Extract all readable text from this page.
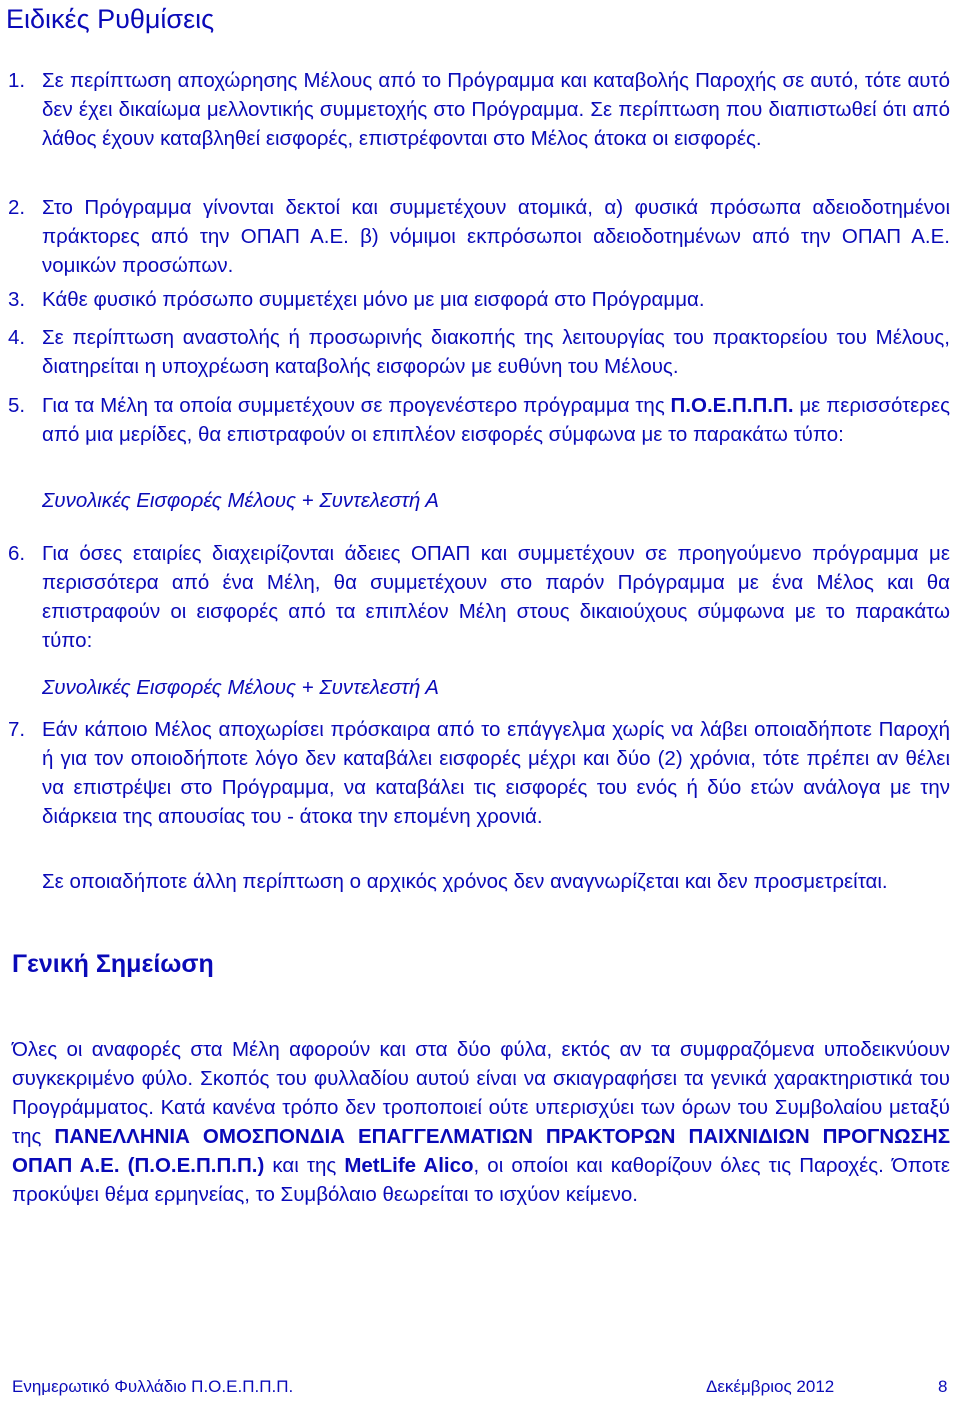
Ειδικές Ρυθμίσεις
1. Σε περίπτωση αποχώρησης Μέλους από το Πρόγραμμα και καταβολής Παροχής σε αυτό, τότε αυτό δεν έχει δικαίωμα μελλοντικής συμμετοχής στο Πρόγραμμα. Σε περίπτωση που διαπιστωθεί ότι από λάθος έχουν καταβληθεί εισφορές, επιστρέφονται στο Μέλος άτοκα οι εισφορές.
2. Στο Πρόγραμμα γίνονται δεκτοί και συμμετέχουν ατομικά, α) φυσικά πρόσωπα αδειοδοτημένοι πράκτορες από την ΟΠΑΠ Α.Ε. β) νόμιμοι εκπρόσωποι αδειοδοτημένων από την ΟΠΑΠ Α.Ε. νομικών προσώπων.
3. Κάθε φυσικό πρόσωπο συμμετέχει μόνο με μια εισφορά στο Πρόγραμμα.
4. Σε περίπτωση αναστολής ή προσωρινής διακοπής της λειτουργίας του πρακτορείου του Μέλους, διατηρείται η υποχρέωση καταβολής εισφορών με ευθύνη του Μέλους.
5. Για τα Μέλη τα οποία συμμετέχουν σε προγενέστερο πρόγραμμα της Π.Ο.Ε.Π.Π.Π. με περισσότερες από μια μερίδες, θα επιστραφούν οι επιπλέον εισφορές σύμφωνα με το παρακάτω τύπο:
Συνολικές Εισφορές Μέλους + Συντελεστή Α
6. Για όσες εταιρίες διαχειρίζονται άδειες ΟΠΑΠ και συμμετέχουν σε προηγούμενο πρόγραμμα με περισσότερα από ένα Μέλη, θα συμμετέχουν στο παρόν Πρόγραμμα με ένα Μέλος και θα επιστραφούν οι εισφορές από τα επιπλέον Μέλη στους δικαιούχους σύμφωνα με το παρακάτω τύπο:
Συνολικές Εισφορές Μέλους + Συντελεστή Α
7. Εάν κάποιο Μέλος αποχωρίσει πρόσκαιρα από το επάγγελμα χωρίς να λάβει οποιαδήποτε Παροχή ή για τον οποιοδήποτε λόγο δεν καταβάλει εισφορές μέχρι και δύο (2) χρόνια, τότε πρέπει αν θέλει να επιστρέψει στο Πρόγραμμα, να καταβάλει τις εισφορές του ενός ή δύο ετών ανάλογα με την διάρκεια της απουσίας του - άτοκα την επομένη χρονιά.
Σε οποιαδήποτε άλλη περίπτωση ο αρχικός χρόνος δεν αναγνωρίζεται και δεν προσμετρείται.
Γενική Σημείωση

Όλες οι αναφορές στα Μέλη αφορούν και στα δύο φύλα, εκτός αν τα συμφραζόμενα υποδεικνύουν συγκεκριμένο φύλο. Σκοπός του φυλλαδίου αυτού είναι να σκιαγραφήσει τα γενικά χαρακτηριστικά του Προγράμματος. Κατά κανένα τρόπο δεν τροποποιεί ούτε υπερισχύει των όρων του Συμβολαίου μεταξύ της ΠΑΝΕΛΛΗΝΙΑ ΟΜΟΣΠΟΝΔΙΑ ΕΠΑΓΓΕΛΜΑΤΙΩΝ ΠΡΑΚΤΟΡΩΝ ΠΑΙΧΝΙΔΙΩΝ ΠΡΟΓΝΩΣΗΣ ΟΠΑΠ Α.Ε. (Π.Ο.Ε.Π.Π.Π.) και της MetLife Alico, οι οποίοι και καθορίζουν όλες τις Παροχές. Όποτε προκύψει θέμα ερμηνείας, το Συμβόλαιο θεωρείται το ισχύον κείμενο.

Ενημερωτικό Φυλλάδιο Π.Ο.Ε.Π.Π.Π.	Δεκέμβριος 2012	8
